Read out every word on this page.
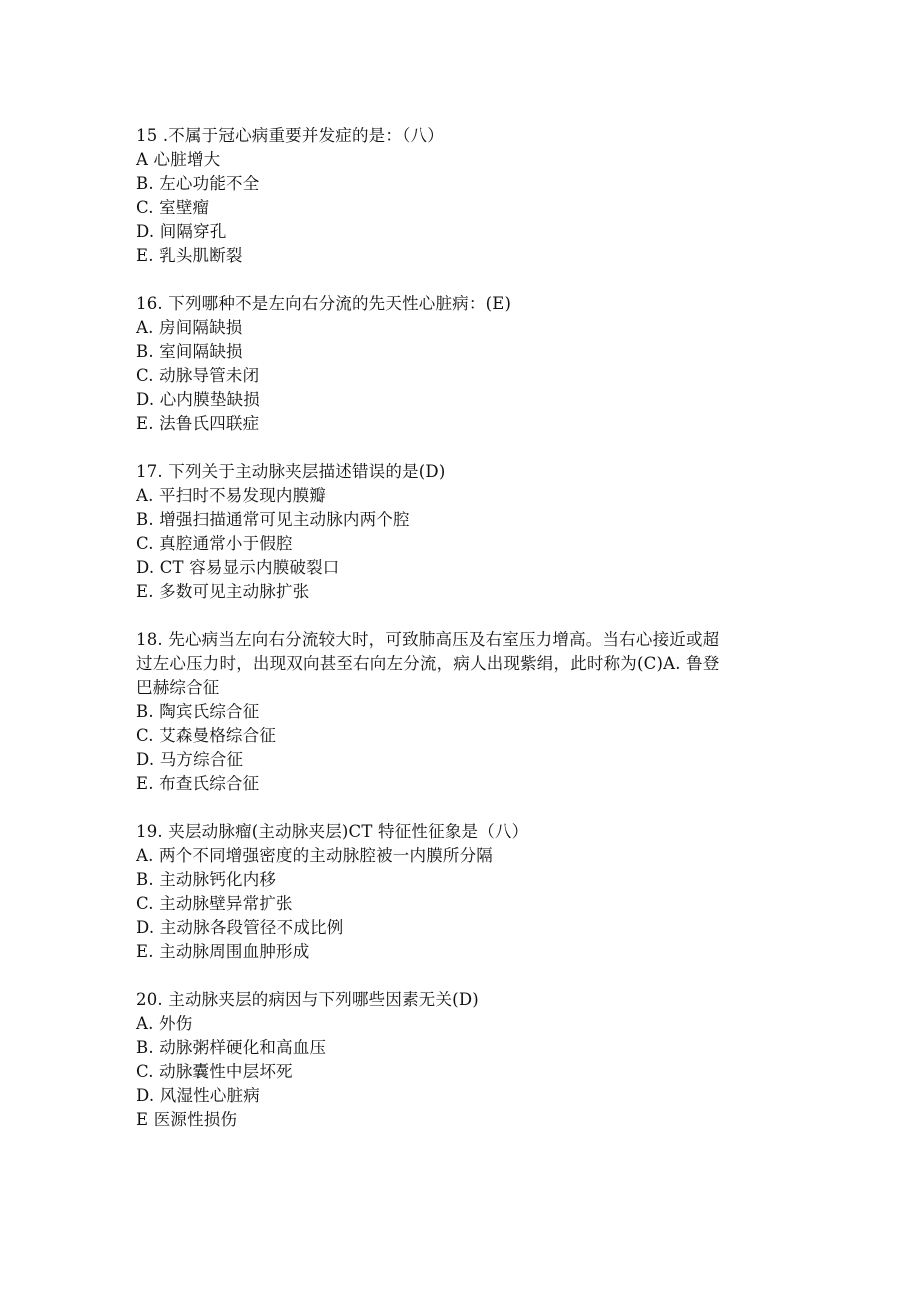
15 .不属于冠心病重要并发症的是：（八）
A 心脏增大
B. 左心功能不全
C. 室壁瘤
D. 间隔穿孔
E. 乳头肌断裂
16. 下列哪种不是左向右分流的先天性心脏病：(E)
A. 房间隔缺损
B. 室间隔缺损
C. 动脉导管未闭
D. 心内膜垫缺损
E. 法鲁氏四联症
17. 下列关于主动脉夹层描述错误的是(D)
A. 平扫时不易发现内膜瓣
B. 增强扫描通常可见主动脉内两个腔
C. 真腔通常小于假腔
D. CT 容易显示内膜破裂口
E. 多数可见主动脉扩张
18. 先心病当左向右分流较大时，可致肺高压及右室压力增高。当右心接近或超
过左心压力时，出现双向甚至右向左分流，病人出现紫绢，此时称为(C)A. 鲁登
巴赫综合征
B. 陶宾氏综合征
C. 艾森曼格综合征
D. 马方综合征
E. 布查氏综合征
19. 夹层动脉瘤(主动脉夹层)CT 特征性征象是（八）
A. 两个不同增强密度的主动脉腔被一内膜所分隔
B. 主动脉钙化内移
C. 主动脉壁异常扩张
D. 主动脉各段管径不成比例
E. 主动脉周围血肿形成
20. 主动脉夹层的病因与下列哪些因素无关(D)
A. 外伤
B. 动脉粥样硬化和高血压
C. 动脉囊性中层坏死
D. 风湿性心脏病
E 医源性损伤
